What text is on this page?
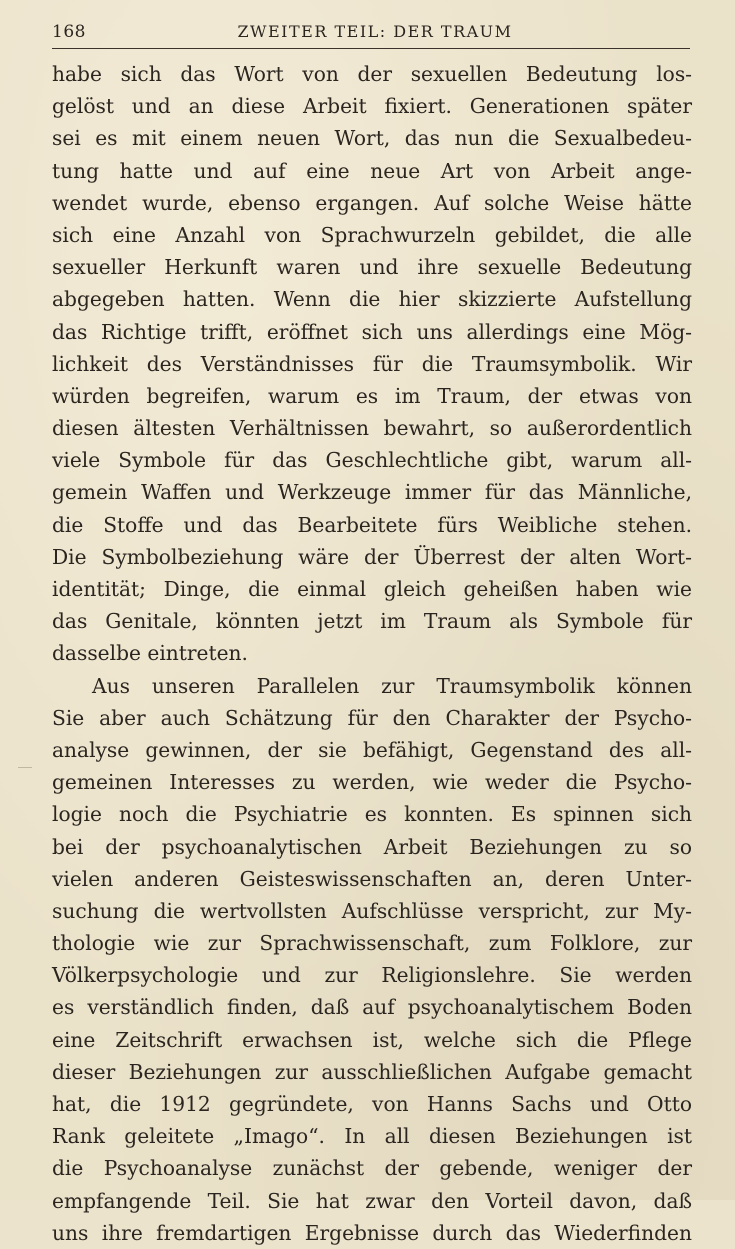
168	ZWEITER TEIL: DER TRAUM
habe sich das Wort von der sexuellen Bedeutung los-
gelöst und an diese Arbeit fixiert. Generationen später
sei es mit einem neuen Wort, das nun die Sexualbedeu-
tung hatte und auf eine neue Art von Arbeit ange-
wendet wurde, ebenso ergangen. Auf solche Weise hätte
sich eine Anzahl von Sprachwurzeln gebildet, die alle
sexueller Herkunft waren und ihre sexuelle Bedeutung
abgegeben hatten. Wenn die hier skizzierte Aufstellung
das Richtige trifft, eröffnet sich uns allerdings eine Mög-
lichkeit des Verständnisses für die Traumsymbolik. Wir
würden begreifen, warum es im Traum, der etwas von
diesen ältesten Verhältnissen bewahrt, so außerordentlich
viele Symbole für das Geschlechtliche gibt, warum all-
gemein Waffen und Werkzeuge immer für das Männliche,
die Stoffe und das Bearbeitete fürs Weibliche stehen.
Die Symbolbeziehung wäre der Überrest der alten Wort-
identität; Dinge, die einmal gleich geheißen haben wie
das Genitale, könnten jetzt im Traum als Symbole für
dasselbe eintreten.
Aus unseren Parallelen zur Traumsymbolik können
Sie aber auch Schätzung für den Charakter der Psycho-
analyse gewinnen, der sie befähigt, Gegenstand des all-
gemeinen Interesses zu werden, wie weder die Psycho-
logie noch die Psychiatrie es konnten. Es spinnen sich
bei der psychoanalytischen Arbeit Beziehungen zu so
vielen anderen Geisteswissenschaften an, deren Unter-
suchung die wertvollsten Aufschlüsse verspricht, zur My-
thologie wie zur Sprachwissenschaft, zum Folklore, zur
Völkerpsychologie und zur Religionslehre. Sie werden
es verständlich finden, daß auf psychoanalytischem Boden
eine Zeitschrift erwachsen ist, welche sich die Pflege
dieser Beziehungen zur ausschließlichen Aufgabe gemacht
hat, die 1912 gegründete, von Hanns Sachs und Otto
Rank geleitete „Imago“. In all diesen Beziehungen ist
die Psychoanalyse zunächst der gebende, weniger der
empfangende Teil. Sie hat zwar den Vorteil davon, daß
uns ihre fremdartigen Ergebnisse durch das Wiederfinden
